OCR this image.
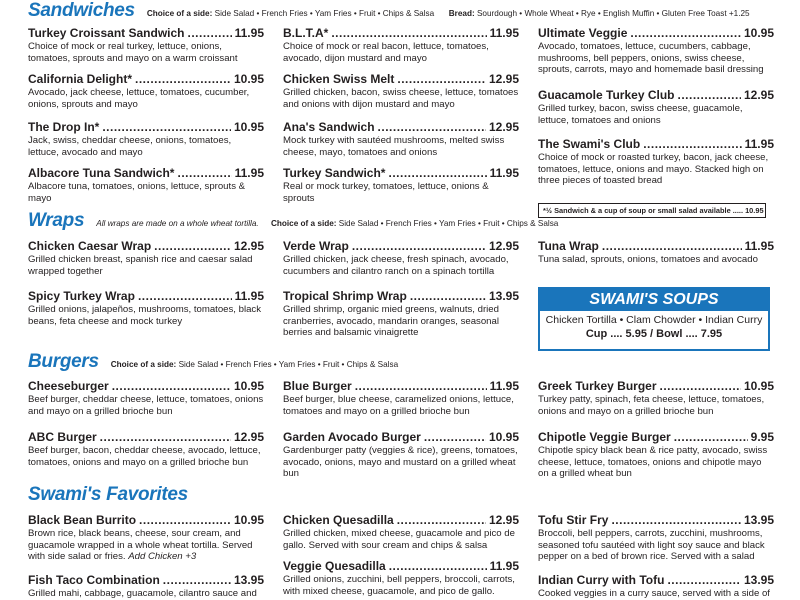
Sandwiches Choice of a side: Side Salad • French Fries • Yam Fries • Fruit • Chips & Salsa Bread: Sourdough • Whole Wheat • Rye • English Muffin • Gluten Free Toast +1.25
Wraps All wraps are made on a whole wheat tortilla. Choice of a side: Side Salad • French Fries • Yam Fries • Fruit • Chips & Salsa
Burgers Choice of a side: Side Salad • French Fries • Yam Fries • Fruit • Chips & Salsa
Swami's Favorites
Turkey Croissant Sandwich .....	11.95
Choice of mock or real turkey, lettuce, onions, tomatoes, sprouts and mayo on a warm croissant
California Delight* .....	10.95
Avocado, jack cheese, lettuce, tomatoes, cucumber, onions, sprouts and mayo
The Drop In* .....	10.95
Jack, swiss, cheddar cheese, onions, tomatoes, lettuce, avocado and mayo
Albacore Tuna Sandwich* .....	11.95
Albacore tuna, tomatoes, onions, lettuce, sprouts & mayo
B.L.T.A* .....	11.95
Choice of mock or real bacon, lettuce, tomatoes, avocado, dijon mustard and mayo
Chicken Swiss Melt .....	12.95
Grilled chicken, bacon, swiss cheese, lettuce, tomatoes and onions with dijon mustard and mayo
Ana's Sandwich .....	12.95
Mock turkey with sautéed mushrooms, melted swiss cheese, mayo, tomatoes and onions
Turkey Sandwich* .....	11.95
Real or mock turkey, tomatoes, lettuce, onions & sprouts
Ultimate Veggie .....	10.95
Avocado, tomatoes, lettuce, cucumbers, cabbage, mushrooms, bell peppers, onions, swiss cheese, sprouts, carrots, mayo and homemade basil dressing
Guacamole Turkey Club .....	12.95
Grilled turkey, bacon, swiss cheese, guacamole, lettuce, tomatoes and onions
The Swami's Club .....	11.95
Choice of mock or roasted turkey, bacon, jack cheese, tomatoes, lettuce, onions and mayo. Stacked high on three pieces of toasted bread
*½ Sandwich & a cup of soup or small salad available ..... 10.95
Chicken Caesar Wrap .....	12.95
Grilled chicken breast, spanish rice and caesar salad wrapped together
Spicy Turkey Wrap .....	11.95
Grilled onions, jalapeños, mushrooms, tomatoes, black beans, feta cheese and mock turkey
Verde Wrap .....	12.95
Grilled chicken, jack cheese, fresh spinach, avocado, cucumbers and cilantro ranch on a spinach tortilla
Tropical Shrimp Wrap .....	13.95
Grilled shrimp, organic mied greens, walnuts, dried cranberries, avocado, mandarin oranges, seasonal berries and balsamic vinaigrette
Tuna Wrap .....	11.95
Tuna salad, sprouts, onions, tomatoes and avocado
SWAMI'S SOUPS
Chicken Tortilla • Clam Chowder • Indian Curry
Cup .... 5.95 / Bowl .... 7.95
Cheeseburger .....	10.95
Beef burger, cheddar cheese, lettuce, tomatoes, onions and mayo on a grilled brioche bun
ABC Burger .....	12.95
Beef burger, bacon, cheddar cheese, avocado, lettuce, tomatoes, onions and mayo on a grilled brioche bun
Blue Burger .....	11.95
Beef burger, blue cheese, caramelized onions, lettuce, tomatoes and mayo on a grilled brioche bun
Garden Avocado Burger .....	10.95
Gardenburger patty (veggies & rice), greens, tomatoes, avocado, onions, mayo and mustard on a grilled wheat bun
Greek Turkey Burger .....	10.95
Turkey patty, spinach, feta cheese, lettuce, tomatoes, onions and mayo on a grilled brioche bun
Chipotle Veggie Burger .....	9.95
Chipotle spicy black bean & rice patty, avocado, swiss cheese, lettuce, tomatoes, onions and chipotle mayo on a grilled wheat bun
Black Bean Burrito .....	10.95
Brown rice, black beans, cheese, sour cream, and guacamole wrapped in a whole wheat tortilla. Served with side salad or fries. Add Chicken +3
Fish Taco Combination .....	13.95
Grilled mahi, cabbage, guacamole, cilantro sauce and
Chicken Quesadilla .....	12.95
Grilled chicken, mixed cheese, guacamole and pico de gallo. Served with sour cream and chips & salsa
Veggie Quesadilla .....	11.95
Grilled onions, zucchini, bell peppers, broccoli, carrots, with mixed cheese, guacamole, and pico de gallo.
Tofu Stir Fry .....	13.95
Broccoli, bell peppers, carrots, zucchini, mushrooms, seasoned tofu sautéed with light soy sauce and black pepper on a bed of brown rice. Served with a salad
Indian Curry with Tofu .....	13.95
Cooked veggies in a curry sauce, served with a side of
